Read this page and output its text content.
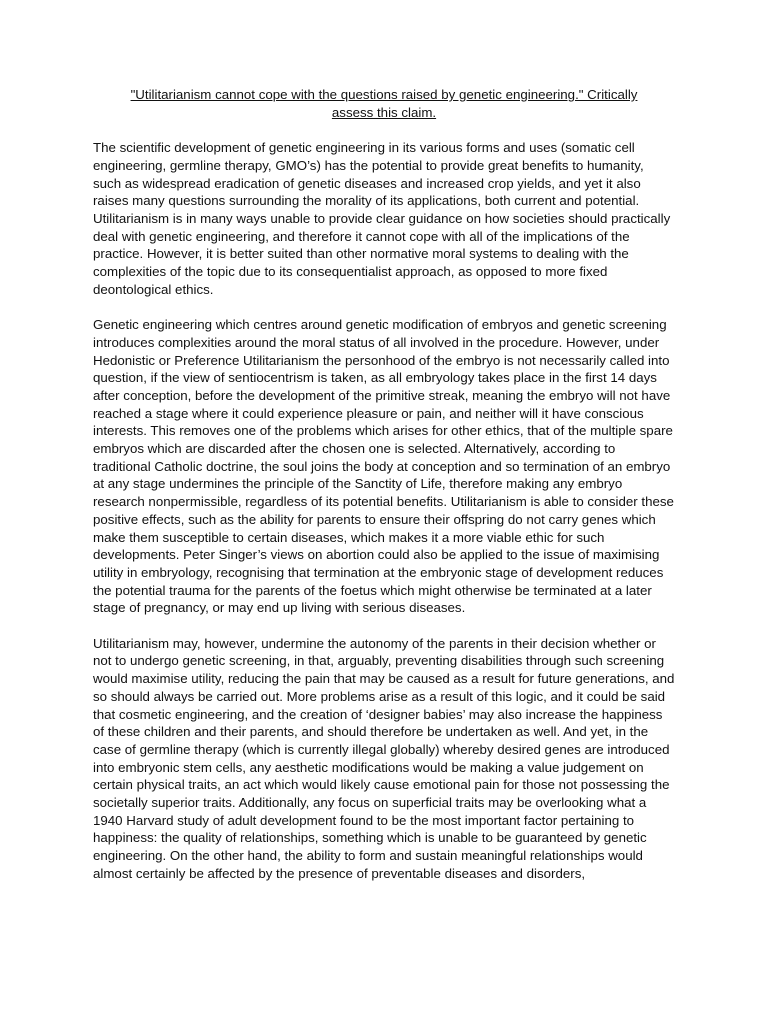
"Utilitarianism cannot cope with the questions raised by genetic engineering." Critically assess this claim.
The scientific development of genetic engineering in its various forms and uses (somatic cell engineering, germline therapy, GMO’s) has the potential to provide great benefits to humanity, such as widespread eradication of genetic diseases and increased crop yields, and yet it also raises many questions surrounding the morality of its applications, both current and potential. Utilitarianism is in many ways unable to provide clear guidance on how societies should practically deal with genetic engineering, and therefore it cannot cope with all of the implications of the practice. However, it is better suited than other normative moral systems to dealing with the complexities of the topic due to its consequentialist approach, as opposed to more fixed deontological ethics.
Genetic engineering which centres around genetic modification of embryos and genetic screening introduces complexities around the moral status of all involved in the procedure. However, under Hedonistic or Preference Utilitarianism the personhood of the embryo is not necessarily called into question, if the view of sentiocentrism is taken, as all embryology takes place in the first 14 days after conception, before the development of the primitive streak, meaning the embryo will not have reached a stage where it could experience pleasure or pain, and neither will it have conscious interests. This removes one of the problems which arises for other ethics, that of the multiple spare embryos which are discarded after the chosen one is selected. Alternatively, according to traditional Catholic doctrine, the soul joins the body at conception and so termination of an embryo at any stage undermines the principle of the Sanctity of Life, therefore making any embryo research nonpermissible, regardless of its potential benefits. Utilitarianism is able to consider these positive effects, such as the ability for parents to ensure their offspring do not carry genes which make them susceptible to certain diseases, which makes it a more viable ethic for such developments. Peter Singer’s views on abortion could also be applied to the issue of maximising utility in embryology, recognising that termination at the embryonic stage of development reduces the potential trauma for the parents of the foetus which might otherwise be terminated at a later stage of pregnancy, or may end up living with serious diseases.
Utilitarianism may, however, undermine the autonomy of the parents in their decision whether or not to undergo genetic screening, in that, arguably, preventing disabilities through such screening would maximise utility, reducing the pain that may be caused as a result for future generations, and so should always be carried out. More problems arise as a result of this logic, and it could be said that cosmetic engineering, and the creation of ‘designer babies’ may also increase the happiness of these children and their parents, and should therefore be undertaken as well. And yet, in the case of germline therapy (which is currently illegal globally) whereby desired genes are introduced into embryonic stem cells, any aesthetic modifications would be making a value judgement on certain physical traits, an act which would likely cause emotional pain for those not possessing the societally superior traits. Additionally, any focus on superficial traits may be overlooking what a 1940 Harvard study of adult development found to be the most important factor pertaining to happiness: the quality of relationships, something which is unable to be guaranteed by genetic engineering. On the other hand, the ability to form and sustain meaningful relationships would almost certainly be affected by the presence of preventable diseases and disorders,
